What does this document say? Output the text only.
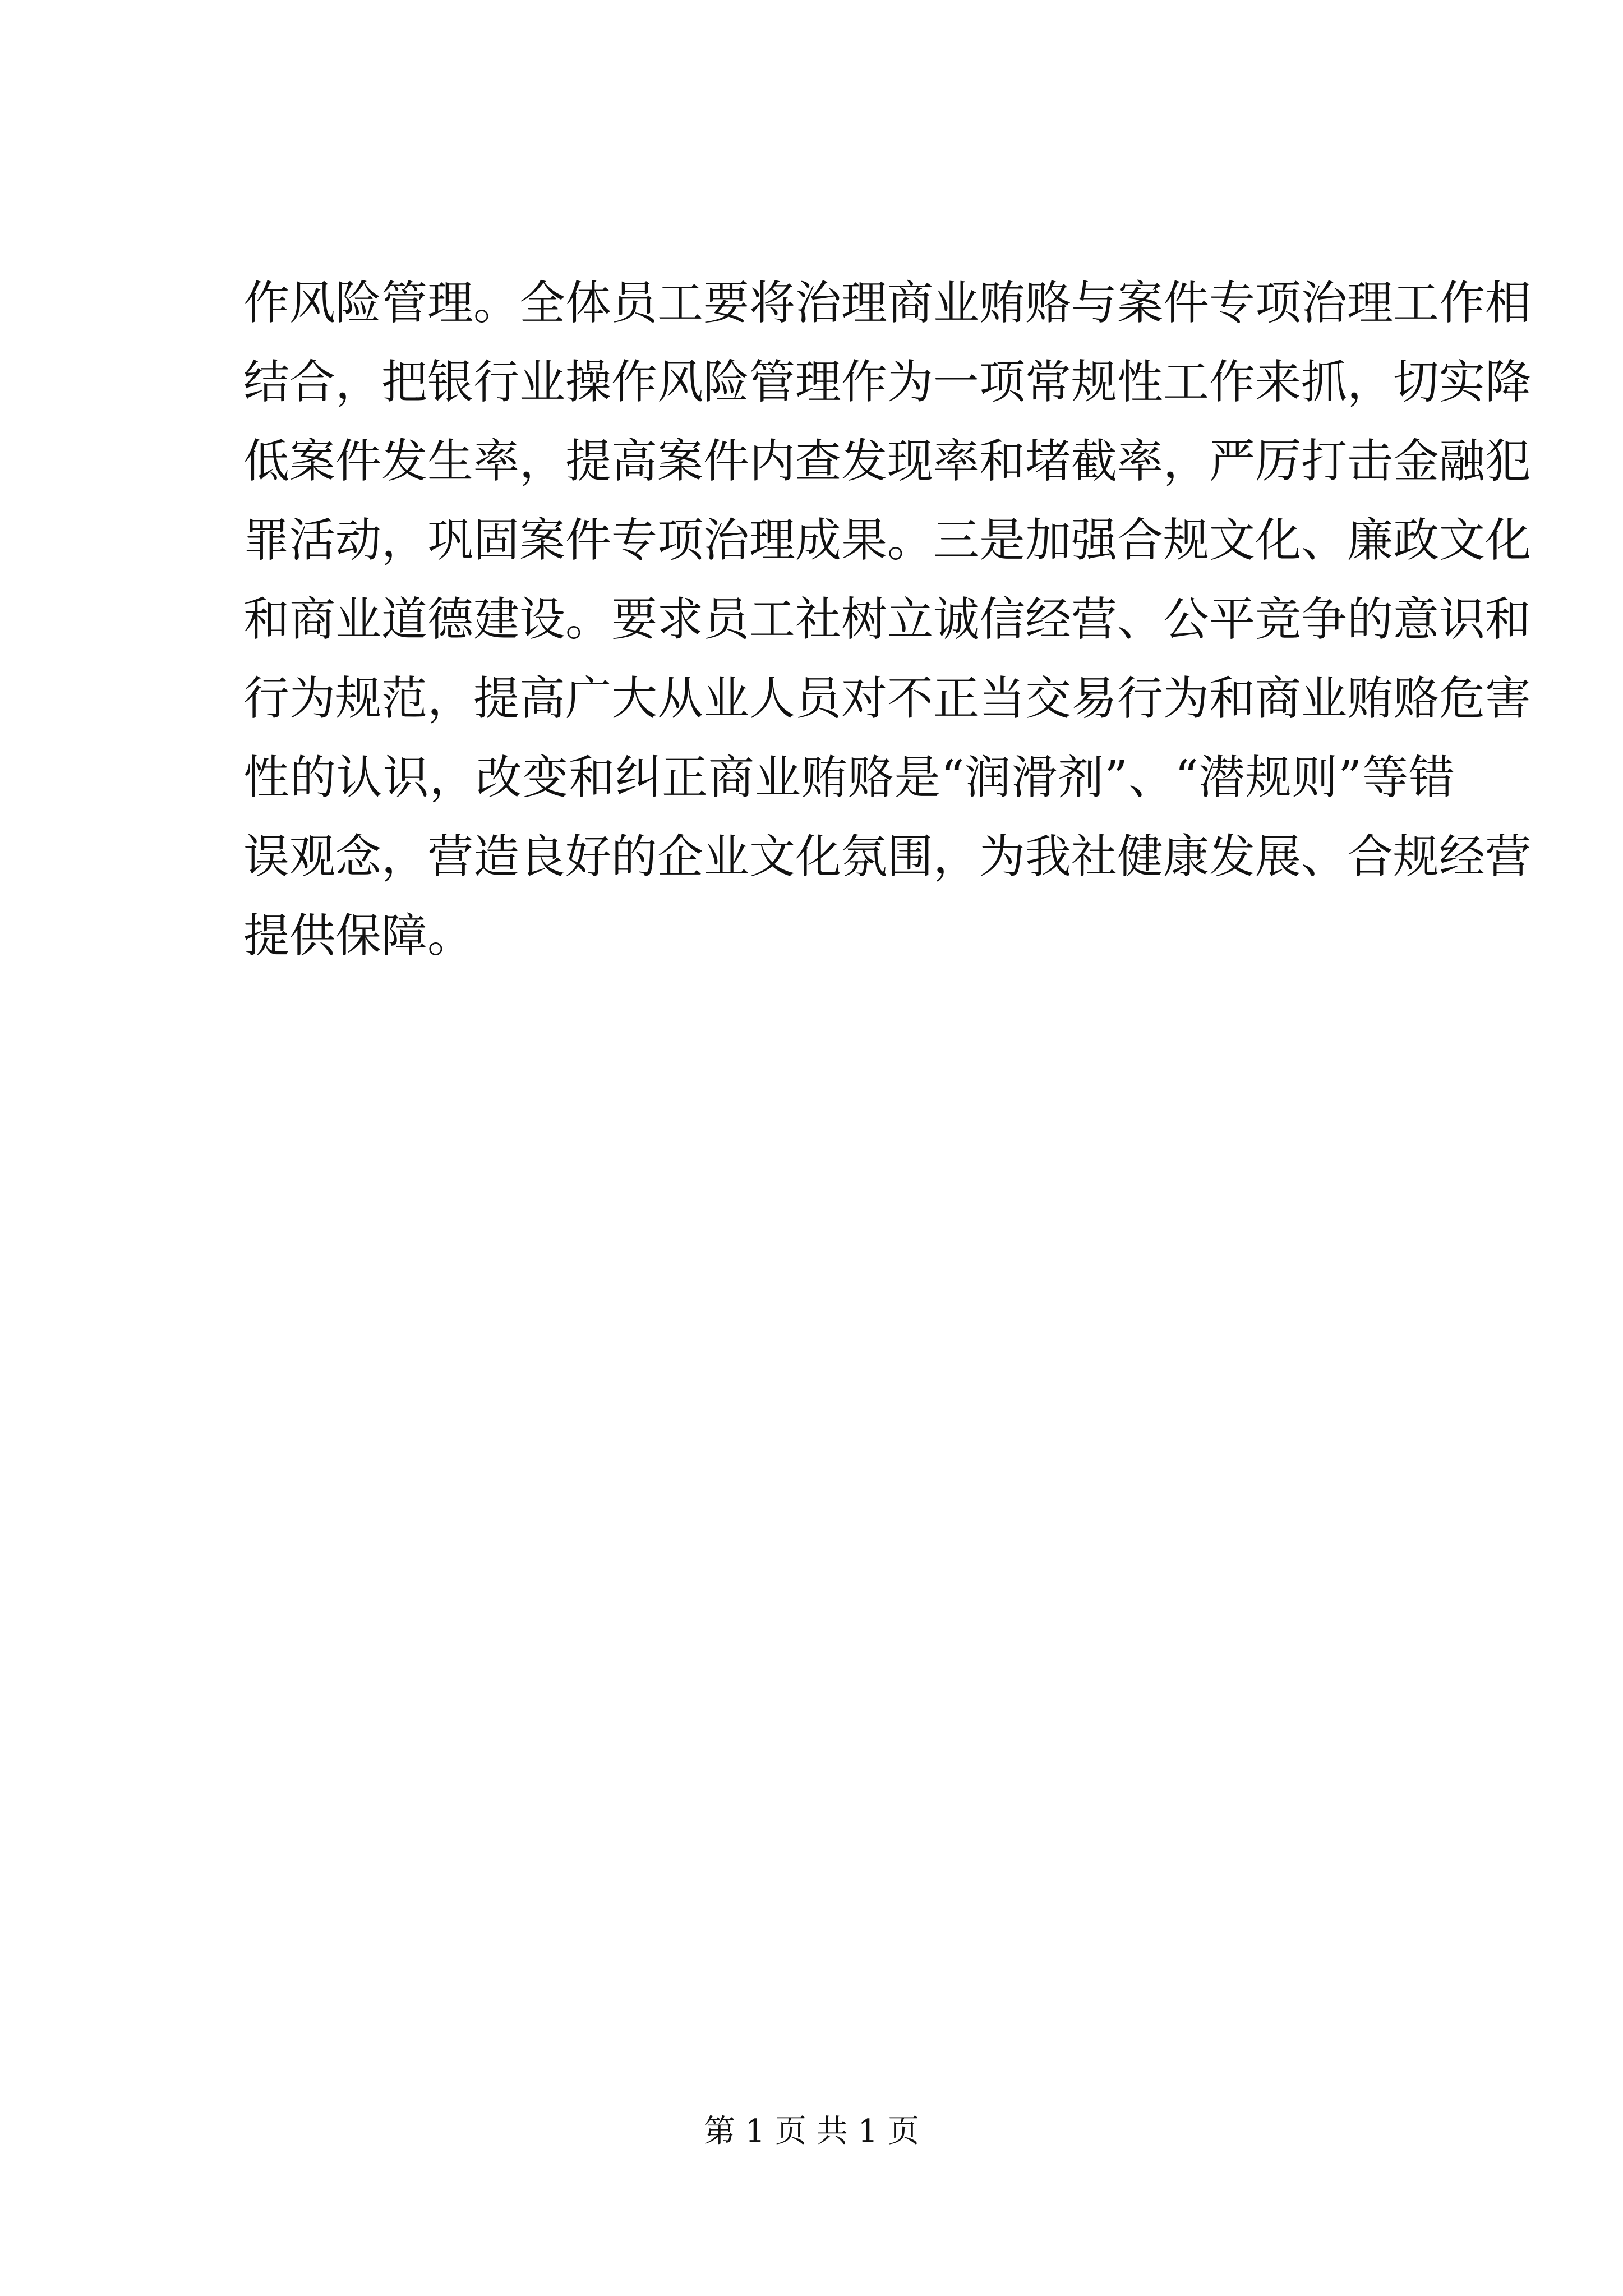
作风险管理。全体员工要将治理商业贿赂与案件专项治理工作相
结合，把银行业操作风险管理作为一项常规性工作来抓，切实降
低案件发生率，提高案件内查发现率和堵截率，严厉打击金融犯
罪活动，巩固案件专项治理成果。三是加强合规文化、廉政文化
和商业道德建设。要求员工社树立诚信经营、公平竞争的意识和
行为规范，提高广大从业人员对不正当交易行为和商业贿赂危害
性的认识，改变和纠正商业贿赂是“润滑剂”、“潜规则”等错
误观念，营造良好的企业文化氛围，为我社健康发展、合规经营
提供保障。
第 1 页 共 1 页
